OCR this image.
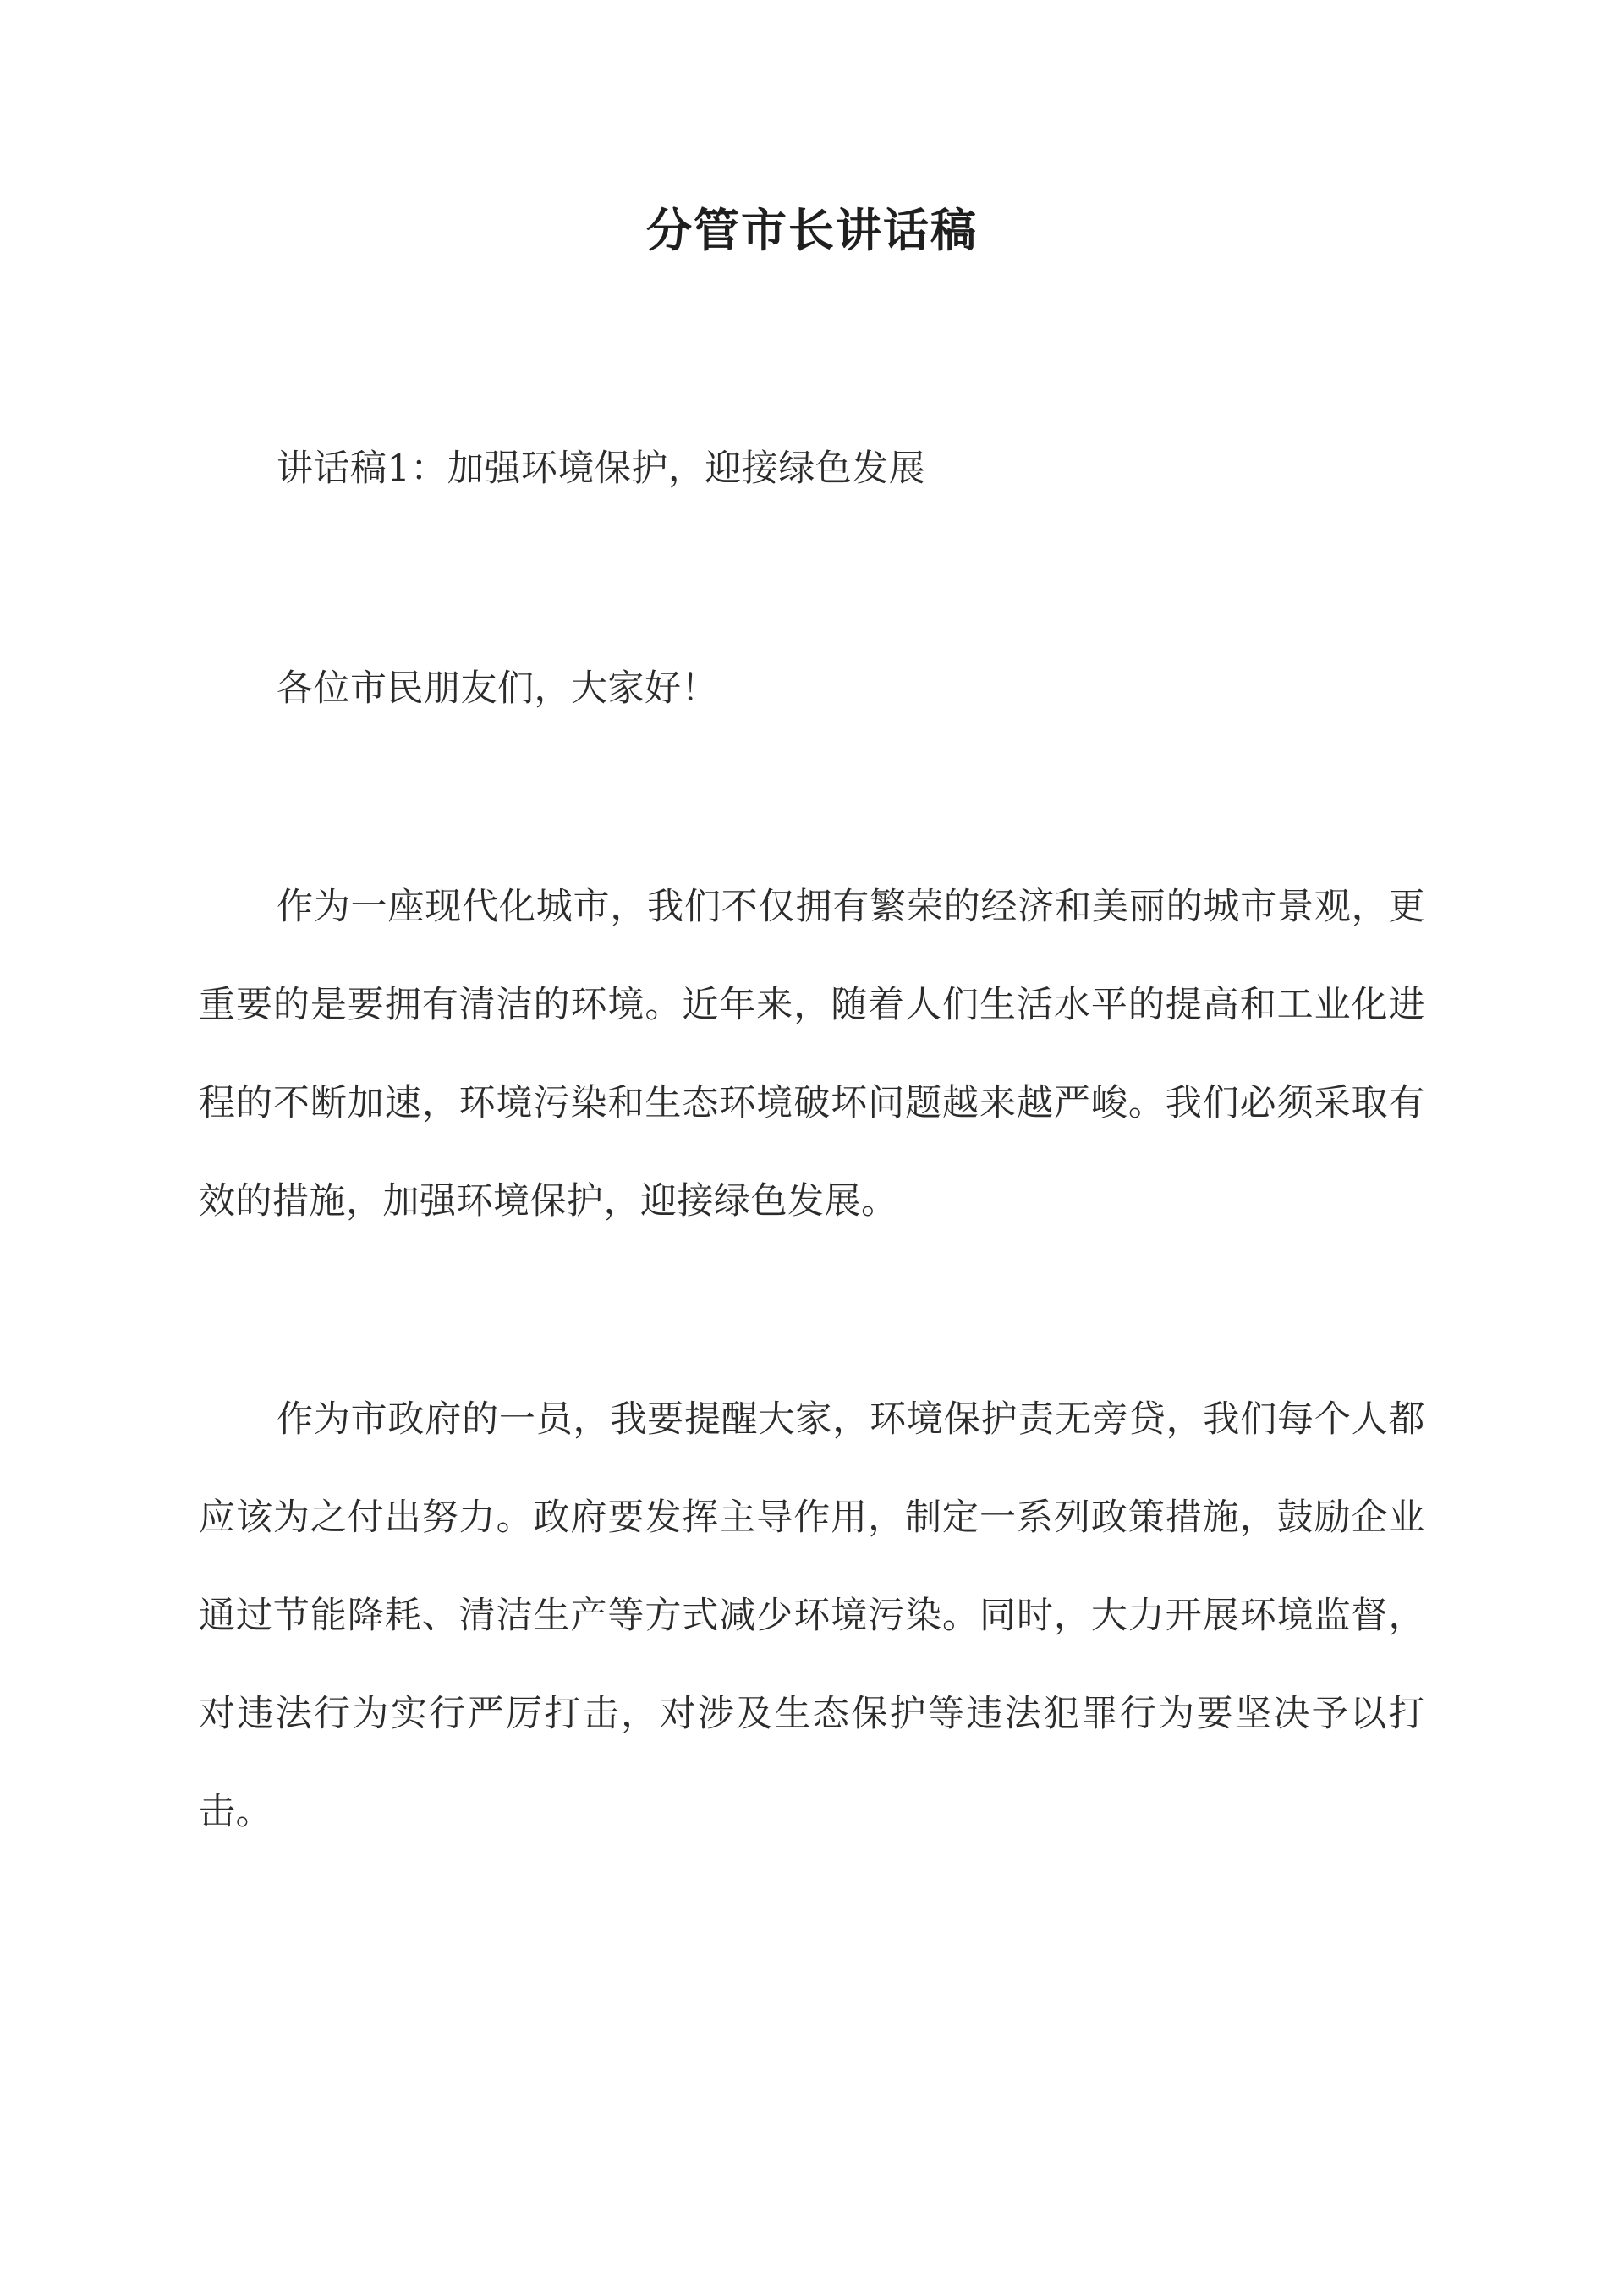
分管市长讲话稿
讲话稿1：加强环境保护，迎接绿色发展
各位市民朋友们，大家好！
作为一座现代化城市，我们不仅拥有繁荣的经济和美丽的城市景观，更重要的是要拥有清洁的环境。近年来，随着人们生活水平的提高和工业化进程的不断加速，环境污染和生态环境破坏问题越来越严峻。我们必须采取有效的措施，加强环境保护，迎接绿色发展。
作为市政府的一员，我要提醒大家，环境保护责无旁贷，我们每个人都应该为之付出努力。政府要发挥主导作用，制定一系列政策措施，鼓励企业通过节能降耗、清洁生产等方式减少环境污染。同时，大力开展环境监督，对违法行为实行严厉打击，对涉及生态保护等违法犯罪行为要坚决予以打击。
